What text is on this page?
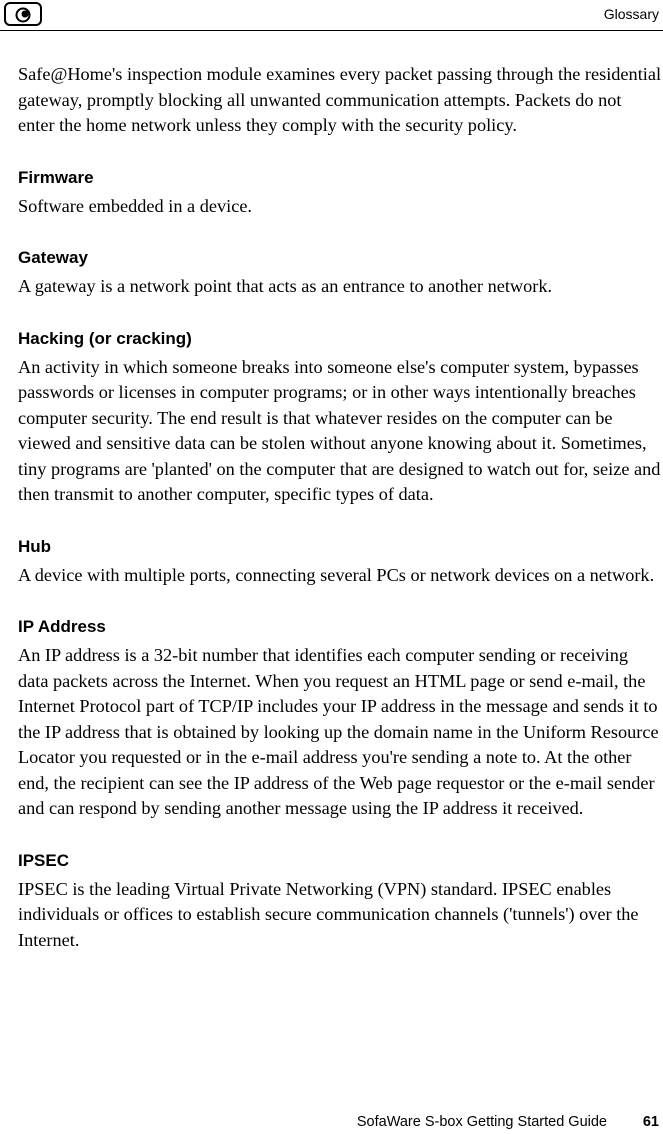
Glossary

Safe@Home's inspection module examines every packet passing through the residential gateway, promptly blocking all unwanted communication attempts. Packets do not enter the home network unless they comply with the security policy.

Firmware

Software embedded in a device.

Gateway

A gateway is a network point that acts as an entrance to another network.

Hacking (or cracking)

An activity in which someone breaks into someone else's computer system, bypasses passwords or licenses in computer programs; or in other ways intentionally breaches computer security. The end result is that whatever resides on the computer can be viewed and sensitive data can be stolen without anyone knowing about it. Sometimes, tiny programs are 'planted' on the computer that are designed to watch out for, seize and then transmit to another computer, specific types of data.

Hub

A device with multiple ports, connecting several PCs or network devices on a network.

IP Address

An IP address is a 32-bit number that identifies each computer sending or receiving data packets across the Internet. When you request an HTML page or send e-mail, the Internet Protocol part of TCP/IP includes your IP address in the message and sends it to the IP address that is obtained by looking up the domain name in the Uniform Resource Locator you requested or in the e-mail address you're sending a note to. At the other end, the recipient can see the IP address of the Web page requestor or the e-mail sender and can respond by sending another message using the IP address it received.

IPSEC

IPSEC is the leading Virtual Private Networking (VPN) standard. IPSEC enables individuals or offices to establish secure communication channels ('tunnels') over the Internet.

SofaWare S-box Getting Started Guide 61
